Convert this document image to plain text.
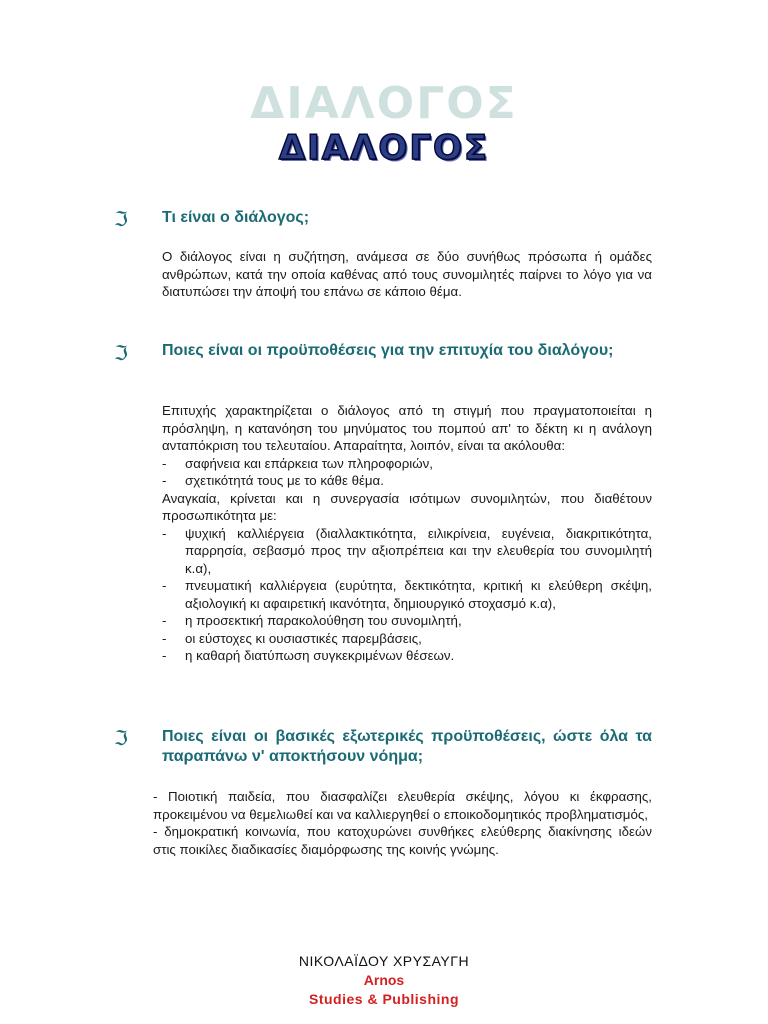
ΔΙΑΛΟΓΟΣ
ΔΙΑΛΟΓΟΣ
ℑ Τι είναι ο διάλογος;
Ο διάλογος είναι η συζήτηση, ανάμεσα σε δύο συνήθως πρόσωπα ή ομάδες ανθρώπων, κατά την οποία καθένας από τους συνομιλητές παίρνει το λόγο για να διατυπώσει την άποψή του επάνω σε κάποιο θέμα.
ℑ Ποιες είναι οι προϋποθέσεις για την επιτυχία του διαλόγου;
Επιτυχής χαρακτηρίζεται ο διάλογος από τη στιγμή που πραγματοποιείται η πρόσληψη, η κατανόηση του μηνύματος του πομπού απ' το δέκτη κι η ανάλογη ανταπόκριση του τελευταίου. Απαραίτητα, λοιπόν, είναι τα ακόλουθα:
- σαφήνεια και επάρκεια των πληροφοριών,
- σχετικότητά τους με το κάθε θέμα.
Αναγκαία, κρίνεται και η συνεργασία ισότιμων συνομιλητών, που διαθέτουν προσωπικότητα με:
- ψυχική καλλιέργεια (διαλλακτικότητα, ειλικρίνεια, ευγένεια, διακριτικότητα, παρρησία, σεβασμό προς την αξιοπρέπεια και την ελευθερία του συνομιλητή κ.α),
- πνευματική καλλιέργεια (ευρύτητα, δεκτικότητα, κριτική κι ελεύθερη σκέψη, αξιολογική κι αφαιρετική ικανότητα, δημιουργικό στοχασμό κ.α),
- η προσεκτική παρακολούθηση του συνομιλητή,
- οι εύστοχες κι ουσιαστικές παρεμβάσεις,
- η καθαρή διατύπωση συγκεκριμένων θέσεων.
ℑ Ποιες είναι οι βασικές εξωτερικές προϋποθέσεις, ώστε όλα τα παραπάνω ν' αποκτήσουν νόημα;
- Ποιοτική παιδεία, που διασφαλίζει ελευθερία σκέψης, λόγου κι έκφρασης, προκειμένου να θεμελιωθεί και να καλλιεργηθεί ο εποικοδομητικός προβληματισμός,
- δημοκρατική κοινωνία, που κατοχυρώνει συνθήκες ελεύθερης διακίνησης ιδεών στις ποικίλες διαδικασίες διαμόρφωσης της κοινής γνώμης.
ΝΙΚΟΛΑΪΔΟΥ ΧΡΥΣΑΥΓΗ
Arnos
Studies & Publishing
